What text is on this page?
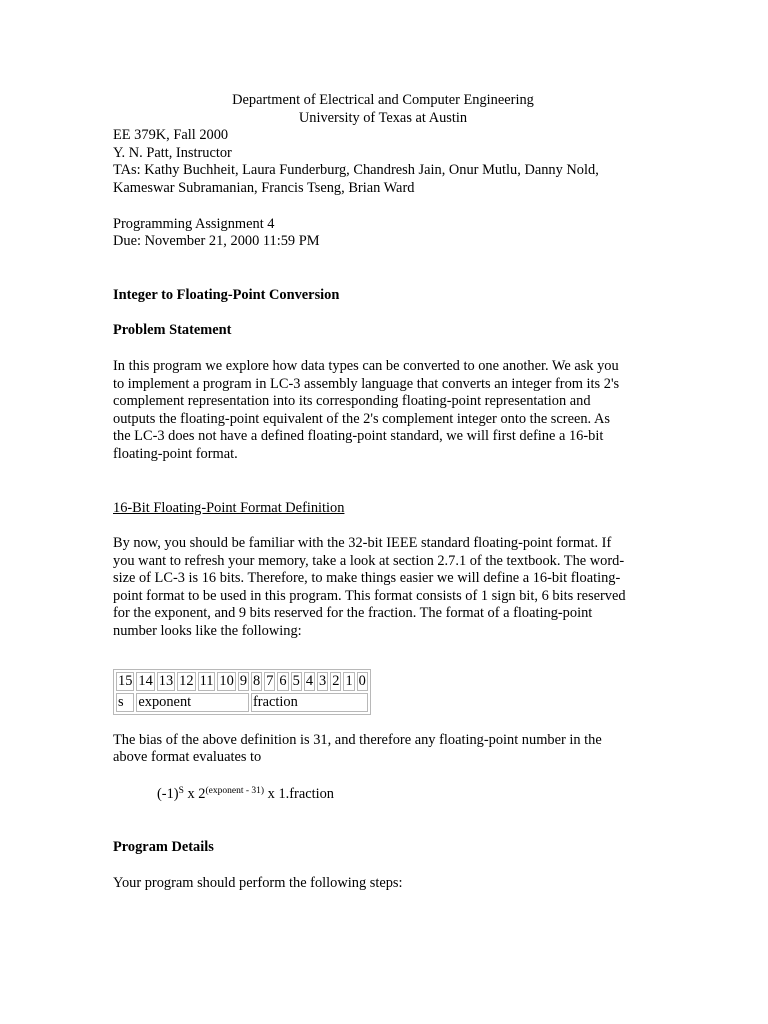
Department of Electrical and Computer Engineering
University of Texas at Austin
EE 379K, Fall 2000
Y. N. Patt, Instructor
TAs: Kathy Buchheit, Laura Funderburg, Chandresh Jain, Onur Mutlu, Danny Nold,
Kameswar Subramanian, Francis Tseng, Brian Ward
Programming Assignment 4
Due: November 21, 2000 11:59 PM
Integer to Floating-Point Conversion
Problem Statement
In this program we explore how data types can be converted to one another. We ask you
to implement a program in LC-3 assembly language that converts an integer from its 2's
complement representation into its corresponding floating-point representation and
outputs the floating-point equivalent of the 2's complement integer onto the screen. As
the LC-3 does not have a defined floating-point standard, we will first define a 16-bit
floating-point format.
16-Bit Floating-Point Format Definition
By now, you should be familiar with the 32-bit IEEE standard floating-point format. If
you want to refresh your memory, take a look at section 2.7.1 of the textbook. The word-
size of LC-3 is 16 bits. Therefore, to make things easier we will define a 16-bit floating-
point format to be used in this program. This format consists of 1 sign bit, 6 bits reserved
for the exponent, and 9 bits reserved for the fraction. The format of a floating-point
number looks like the following:
15	14	13	12	11	10	9	8	7	6	5	4	3	2	1	0
s	exponent						fraction								
The bias of the above definition is 31, and therefore any floating-point number in the
above format evaluates to
$(-1)^S$ x $2^{(exponent - 31)}$ x 1.fraction
Program Details
Your program should perform the following steps:
